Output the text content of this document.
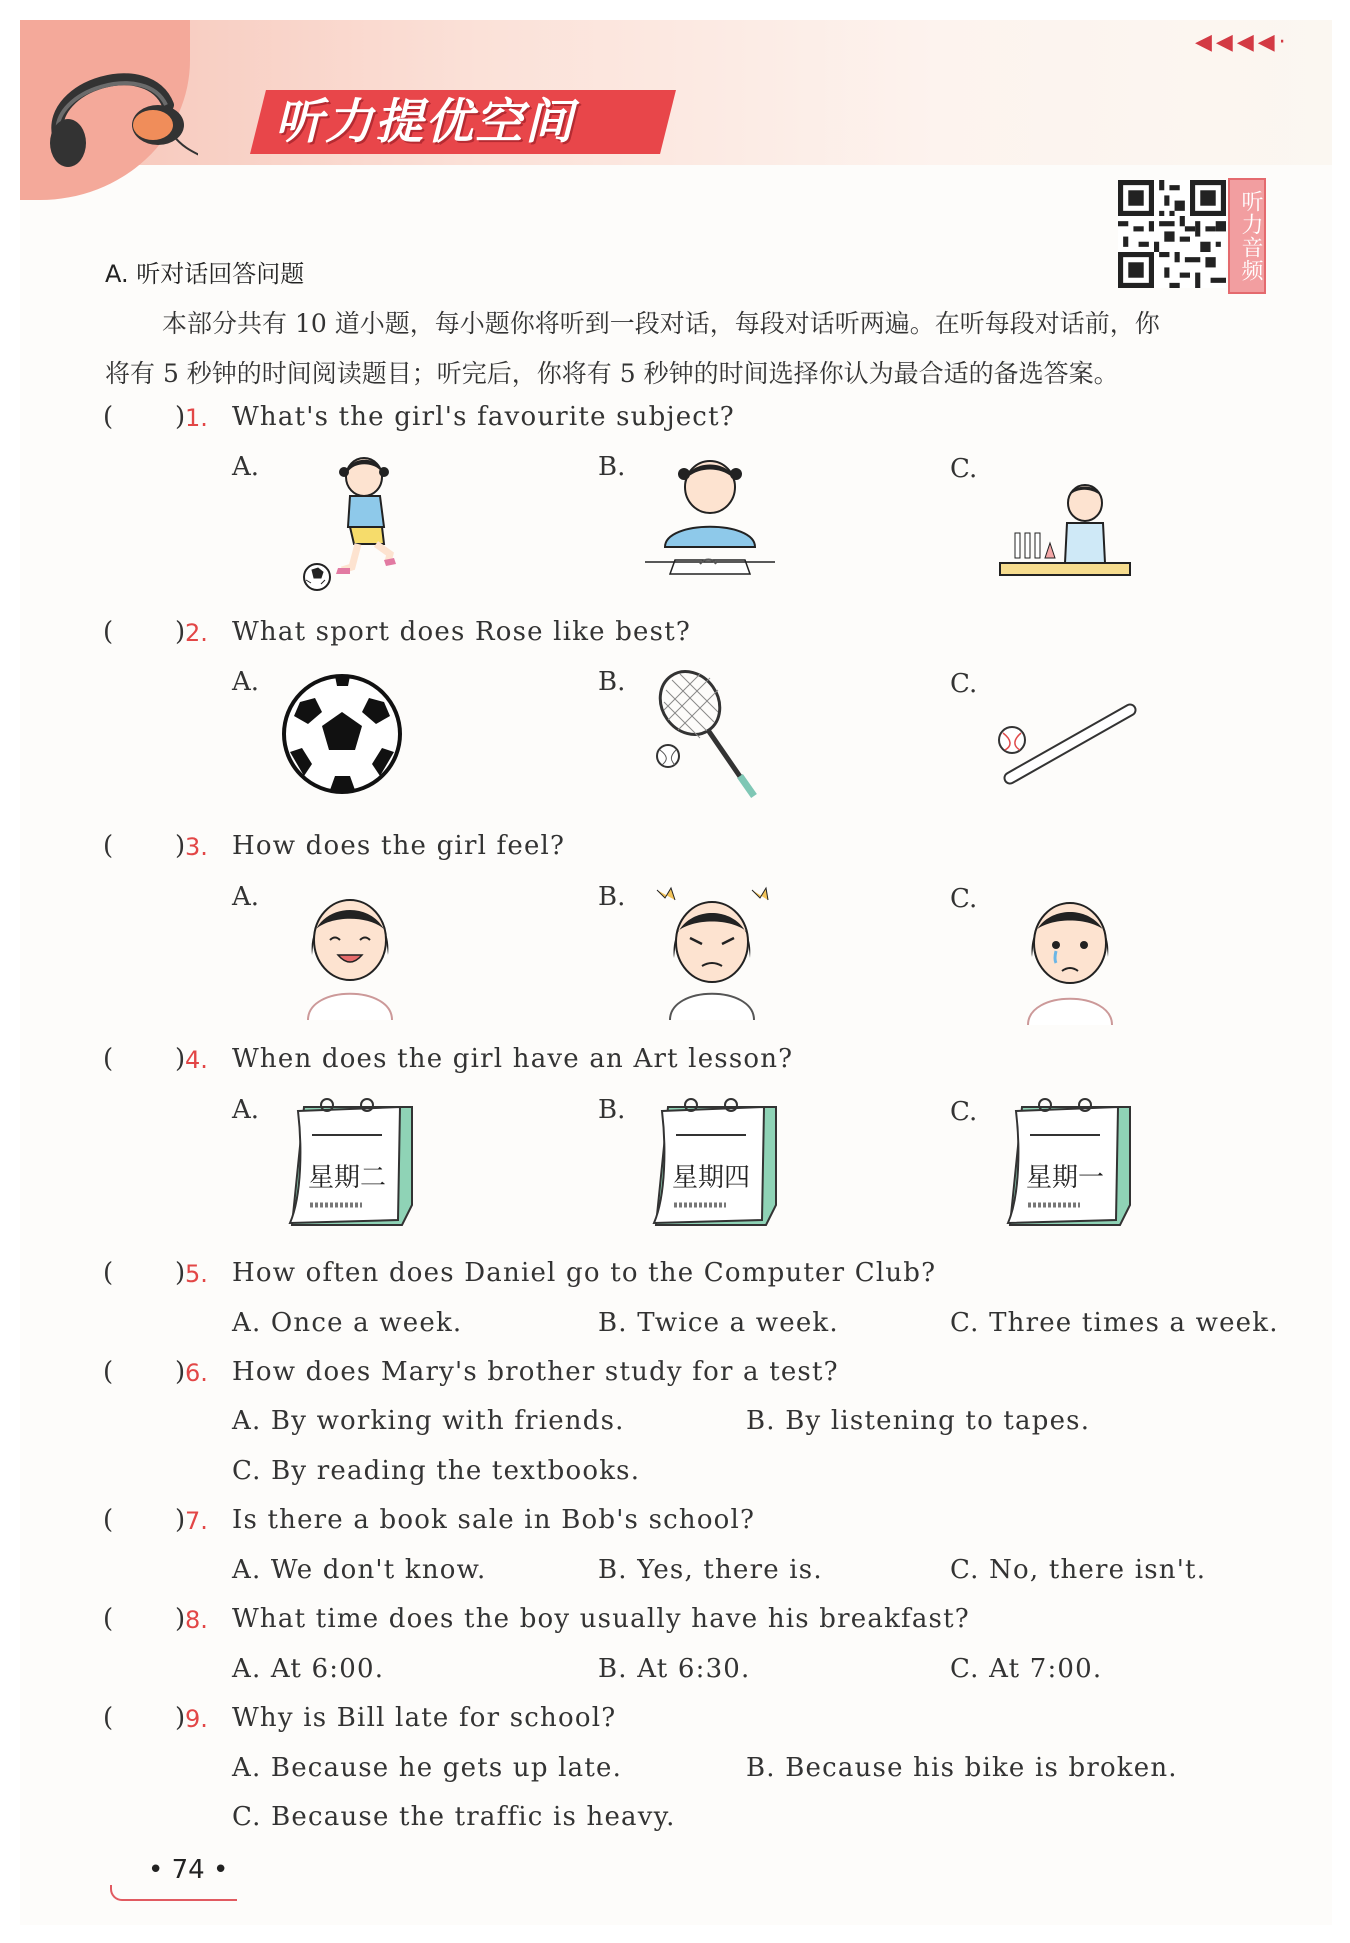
听力提优空间
◀◀◀◀·
听力音频
A. 听对话回答问题
本部分共有 10 道小题，每小题你将听到一段对话，每段对话听两遍。在听每段对话前，你
将有 5 秒钟的时间阅读题目；听完后，你将有 5 秒钟的时间选择你认为最合适的备选答案。
( ) 1. What's the girl's favourite subject?
A.	B.	C.
( ) 2. What sport does Rose like best?
A.	B.	C.
( ) 3. How does the girl feel?
A.	B.	C.
( ) 4. When does the girl have an Art lesson?
A.	B.	C.
星期二	星期四	星期一
( ) 5. How often does Daniel go to the Computer Club?
A. Once a week.	B. Twice a week.	C. Three times a week.
( ) 6. How does Mary's brother study for a test?
A. By working with friends.	B. By listening to tapes.
C. By reading the textbooks.
( ) 7. Is there a book sale in Bob's school?
A. We don't know.	B. Yes, there is.	C. No, there isn't.
( ) 8. What time does the boy usually have his breakfast?
A. At 6:00.	B. At 6:30.	C. At 7:00.
( ) 9. Why is Bill late for school?
A. Because he gets up late.	B. Because his bike is broken.
C. Because the traffic is heavy.
• 74 •
